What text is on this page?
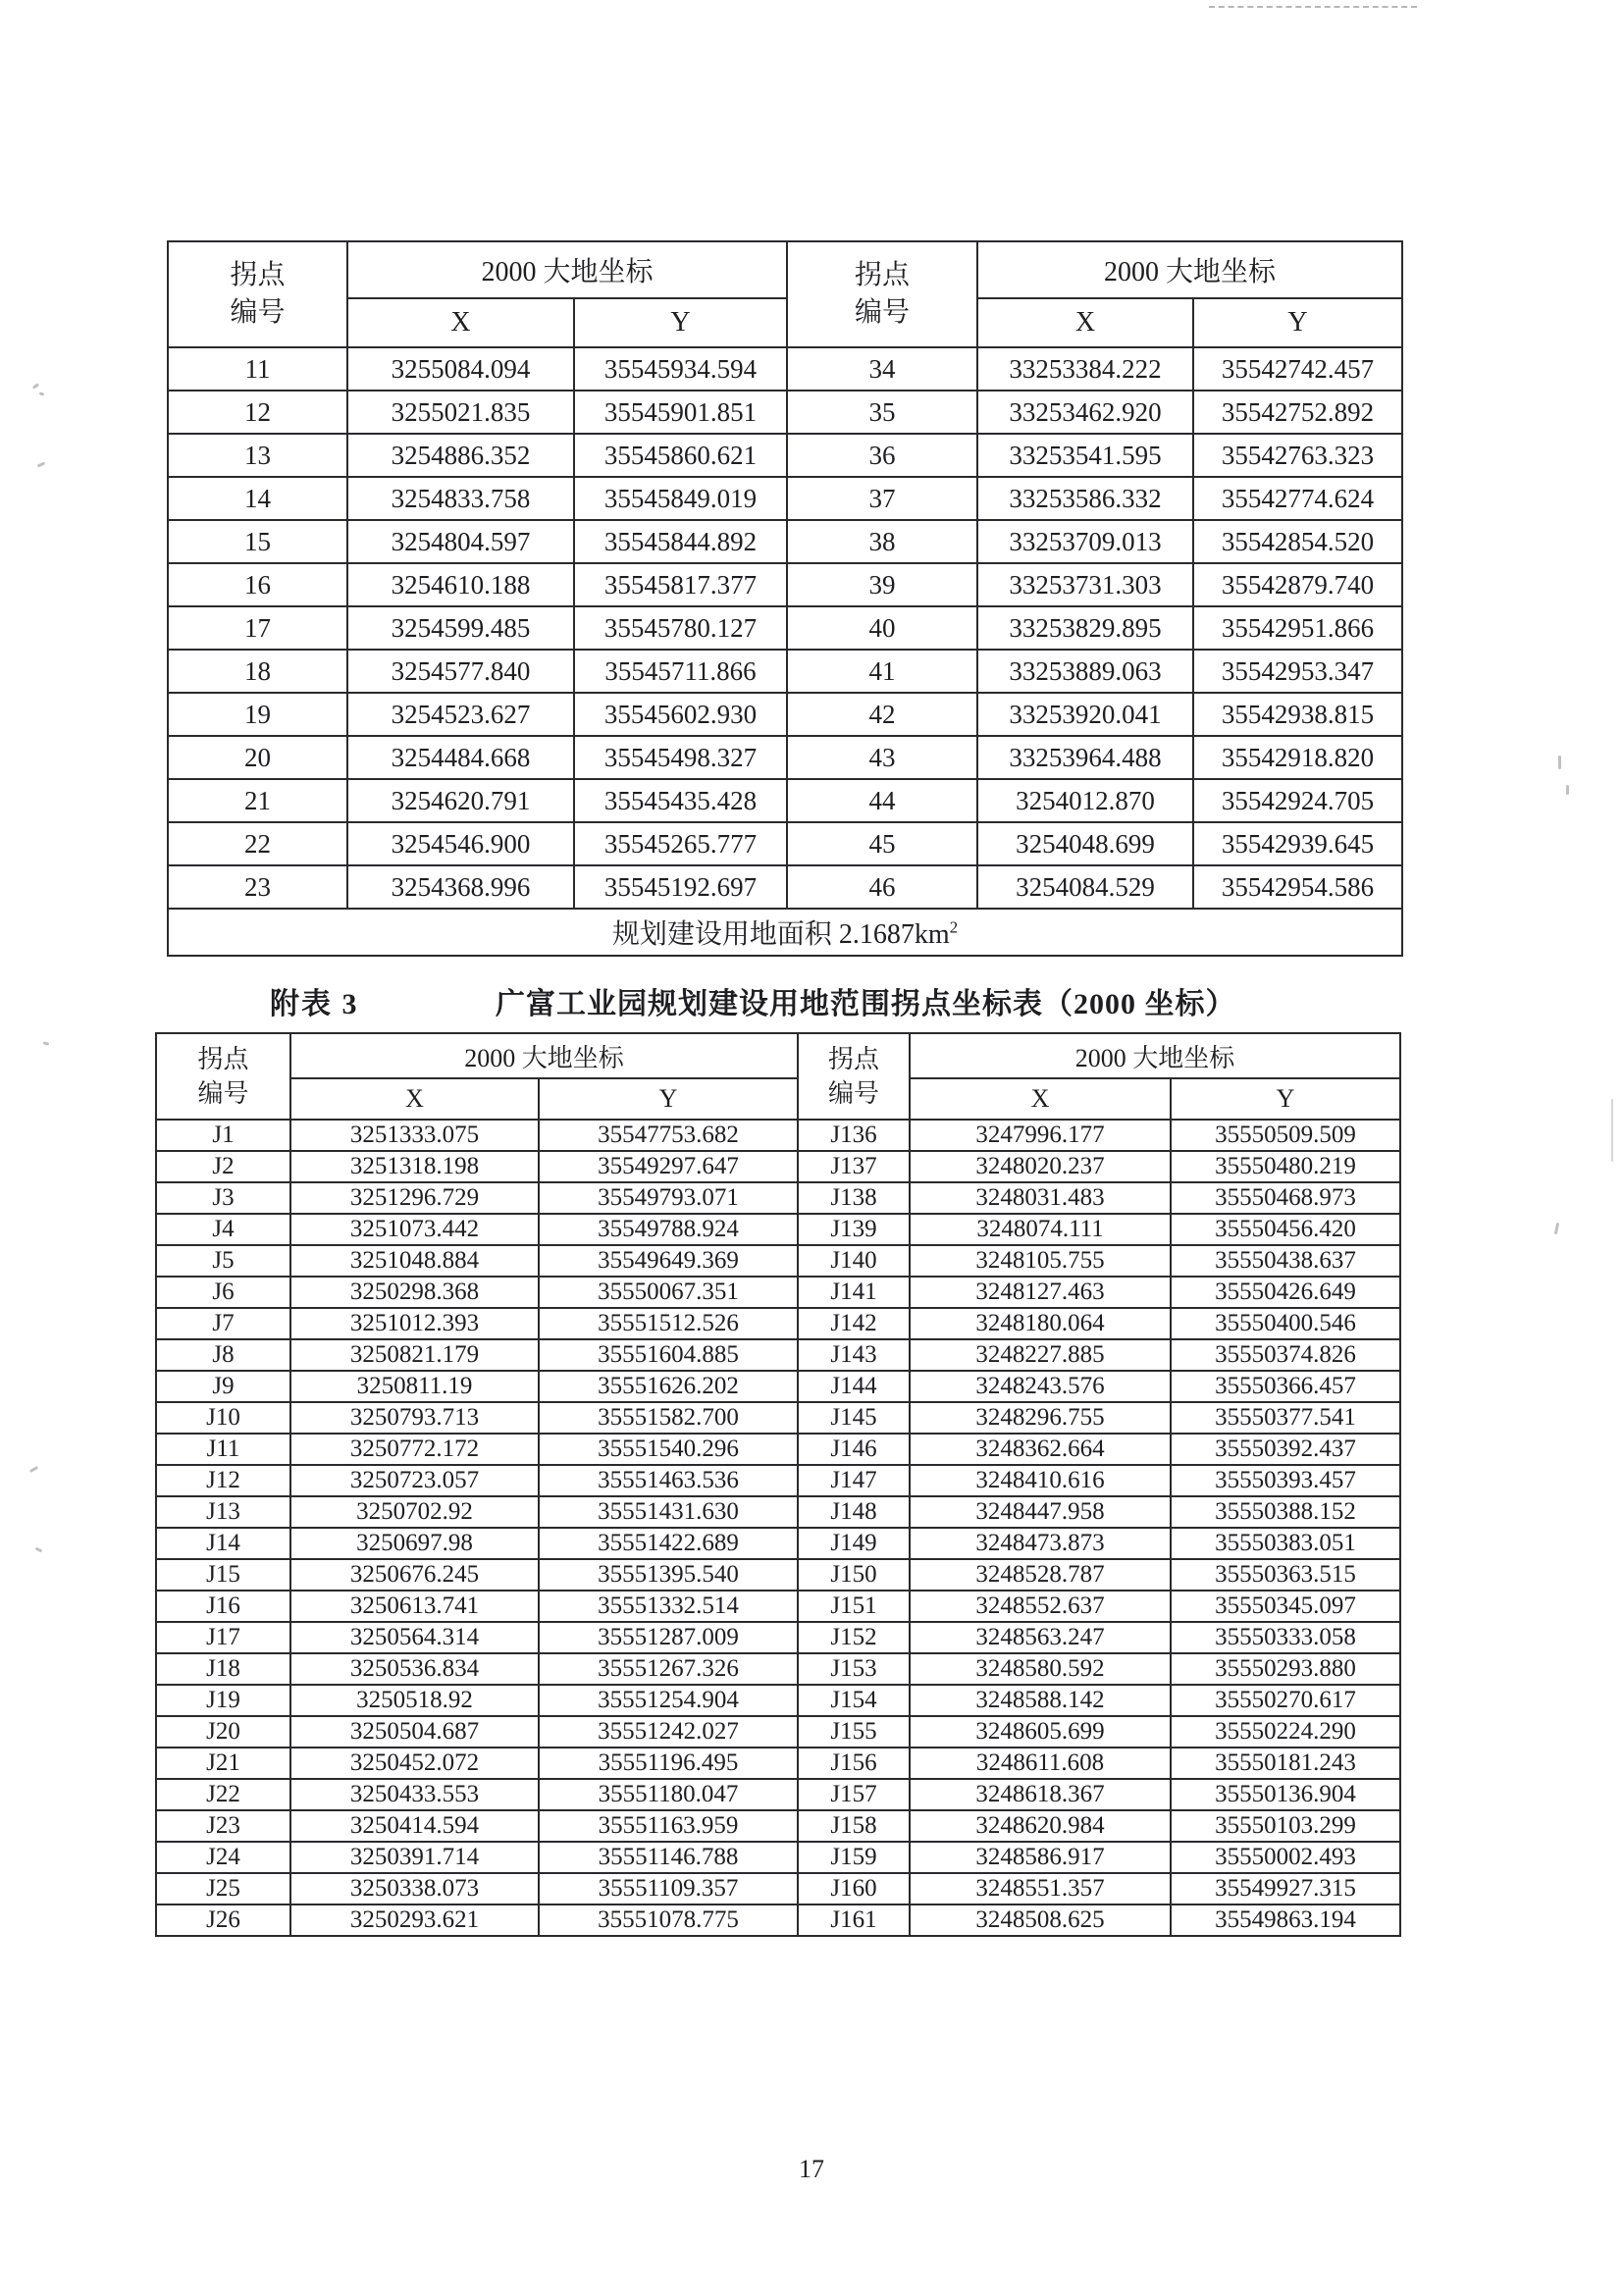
拐点
编号
	2000 大地坐标	拐点
编号
	2000 大地坐标
	X	Y		X	Y
11	3255084.094	35545934.594	34	33253384.222	35542742.457
12	3255021.835	35545901.851	35	33253462.920	35542752.892
13	3254886.352	35545860.621	36	33253541.595	35542763.323
14	3254833.758	35545849.019	37	33253586.332	35542774.624
15	3254804.597	35545844.892	38	33253709.013	35542854.520
16	3254610.188	35545817.377	39	33253731.303	35542879.740
17	3254599.485	35545780.127	40	33253829.895	35542951.866
18	3254577.840	35545711.866	41	33253889.063	35542953.347
19	3254523.627	35545602.930	42	33253920.041	35542938.815
20	3254484.668	35545498.327	43	33253964.488	35542918.820
21	3254620.791	35545435.428	44	3254012.870	35542924.705
22	3254546.900	35545265.777	45	3254048.699	35542939.645
23	3254368.996	35545192.697	46	3254084.529	35542954.586
规划建设用地面积 $2.1687km^2$
附表 3	广富工业园规划建设用地范围拐点坐标表（2000 坐标）
拐点
编号
	2000 大地坐标	拐点
编号
	2000 大地坐标
	X	Y		X	Y
J1	3251333.075	35547753.682	J136	3247996.177	35550509.509
J2	3251318.198	35549297.647	J137	3248020.237	35550480.219
J3	3251296.729	35549793.071	J138	3248031.483	35550468.973
J4	3251073.442	35549788.924	J139	3248074.111	35550456.420
J5	3251048.884	35549649.369	J140	3248105.755	35550438.637
J6	3250298.368	35550067.351	J141	3248127.463	35550426.649
J7	3251012.393	35551512.526	J142	3248180.064	35550400.546
J8	3250821.179	35551604.885	J143	3248227.885	35550374.826
J9	3250811.19	35551626.202	J144	3248243.576	35550366.457
J10	3250793.713	35551582.700	J145	3248296.755	35550377.541
J11	3250772.172	35551540.296	J146	3248362.664	35550392.437
J12	3250723.057	35551463.536	J147	3248410.616	35550393.457
J13	3250702.92	35551431.630	J148	3248447.958	35550388.152
J14	3250697.98	35551422.689	J149	3248473.873	35550383.051
J15	3250676.245	35551395.540	J150	3248528.787	35550363.515
J16	3250613.741	35551332.514	J151	3248552.637	35550345.097
J17	3250564.314	35551287.009	J152	3248563.247	35550333.058
J18	3250536.834	35551267.326	J153	3248580.592	35550293.880
J19	3250518.92	35551254.904	J154	3248588.142	35550270.617
J20	3250504.687	35551242.027	J155	3248605.699	35550224.290
J21	3250452.072	35551196.495	J156	3248611.608	35550181.243
J22	3250433.553	35551180.047	J157	3248618.367	35550136.904
J23	3250414.594	35551163.959	J158	3248620.984	35550103.299
J24	3250391.714	35551146.788	J159	3248586.917	35550002.493
J25	3250338.073	35551109.357	J160	3248551.357	35549927.315
J26	3250293.621	35551078.775	J161	3248508.625	35549863.194
17
